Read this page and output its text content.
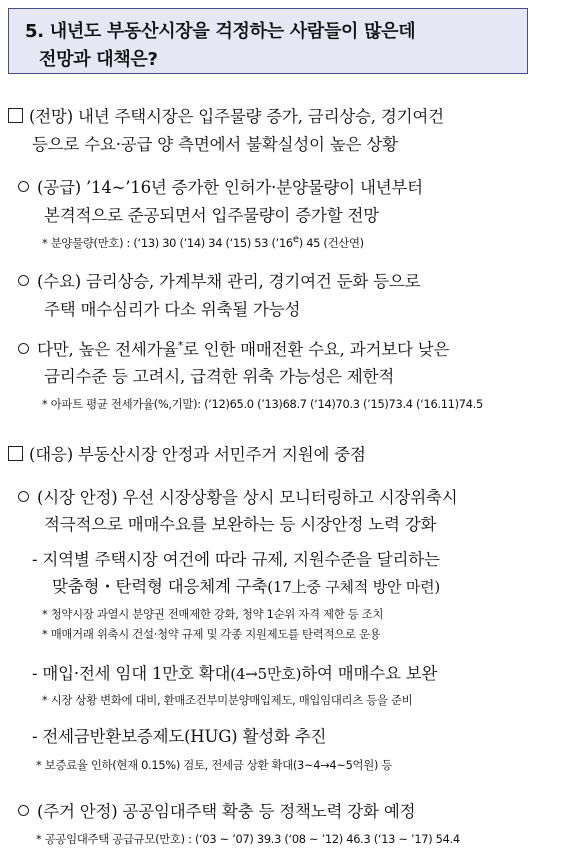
5. 내년도 부동산시장을 걱정하는 사람들이 많은데
전망과 대책은?
(전망) 내년 주택시장은 입주물량 증가, 금리상승, 경기여건
등으로 수요·공급 양 측면에서 불확실성이 높은 상황
(공급) ’14~’16년 증가한 인허가·분양물량이 내년부터
본격적으로 준공되면서 입주물량이 증가할 전망
* 분양물량(만호) : (‘13) 30 (’14) 34 (‘15) 53 (’16e) 45 (건산연)
(수요) 금리상승, 가계부채 관리, 경기여건 둔화 등으로
주택 매수심리가 다소 위축될 가능성
다만, 높은 전세가율*로 인한 매매전환 수요, 과거보다 낮은
금리수준 등 고려시, 급격한 위축 가능성은 제한적
* 아파트 평균 전세가율(%,기말): (‘12)65.0 (’13)68.7 (‘14)70.3 (’15)73.4 (‘16.11)74.5
(대응) 부동산시장 안정과 서민주거 지원에 중점
(시장 안정) 우선 시장상황을 상시 모니터링하고 시장위축시
적극적으로 매매수요를 보완하는 등 시장안정 노력 강화
- 지역별 주택시장 여건에 따라 규제, 지원수준을 달리하는
맞춤형・탄력형 대응체계 구축(17上중 구체적 방안 마련)
* 청약시장 과열시 분양권 전매제한 강화, 청약 1순위 자격 제한 등 조치
* 매매거래 위축시 건설·청약 규제 및 각종 지원제도를 탄력적으로 운용
- 매입·전세 임대 1만호 확대(4→5만호)하여 매매수요 보완
* 시장 상황 변화에 대비, 환매조건부미분양매입제도, 매입임대리츠 등을 준비
- 전세금반환보증제도(HUG) 활성화 추진
* 보증료율 인하(현재 0.15%) 검토, 전세금 상환 확대(3~4→4~5억원) 등
(주거 안정) 공공임대주택 확충 등 정책노력 강화 예정
* 공공임대주택 공급규모(만호) : (‘03 ~ ’07) 39.3 (‘08 ~ ’12) 46.3 (‘13 ~ ’17) 54.4
